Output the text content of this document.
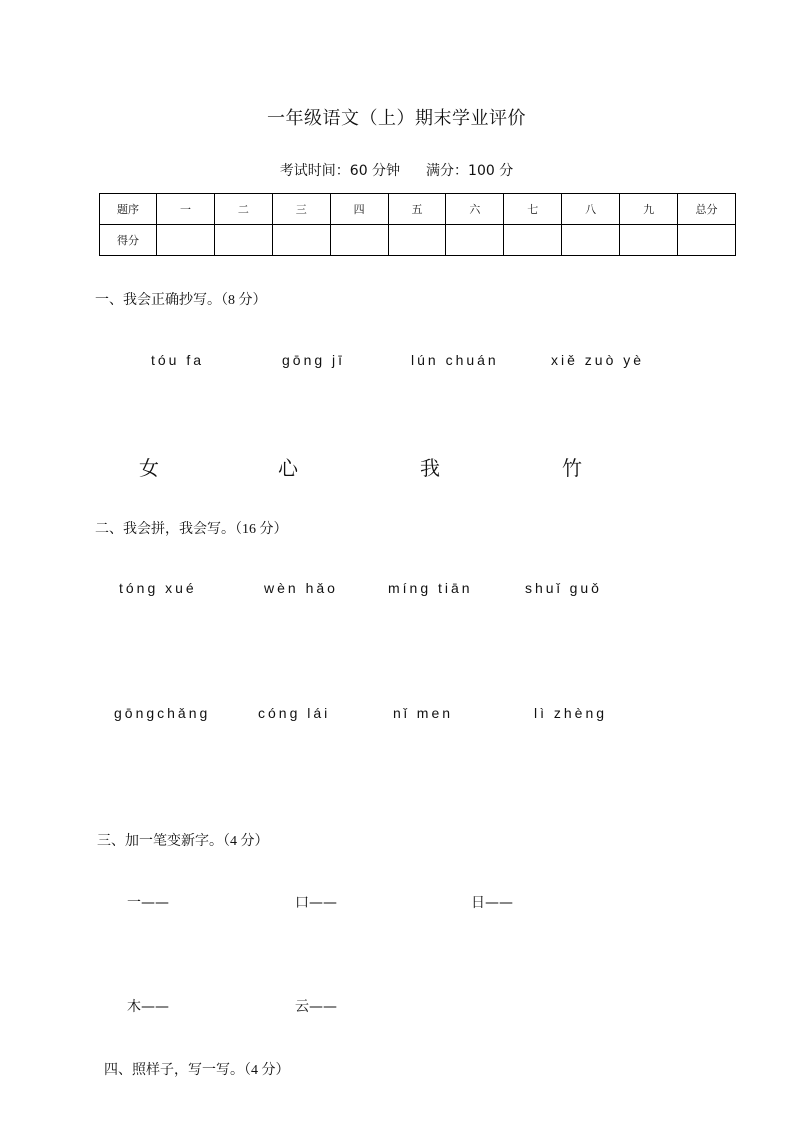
一年级语文（上）期末学业评价
考试时间：60 分钟 满分：100 分
题序	一	二	三	四	五	六	七	八	九	总分
得分										
一、我会正确抄写。（8 分）
tóu fa	gōng jī	lún chuán	xiě zuò yè
女	心	我	竹
二、我会拼，我会写。（16 分）
tóng xué	wèn hǎo	míng tiān	shuǐ guǒ
gōngchǎng	cóng lái	nǐ men	lì zhèng
三、加一笔变新字。（4 分）
一——	口——	日——
木——	云——
四、照样子，写一写。（4 分）
